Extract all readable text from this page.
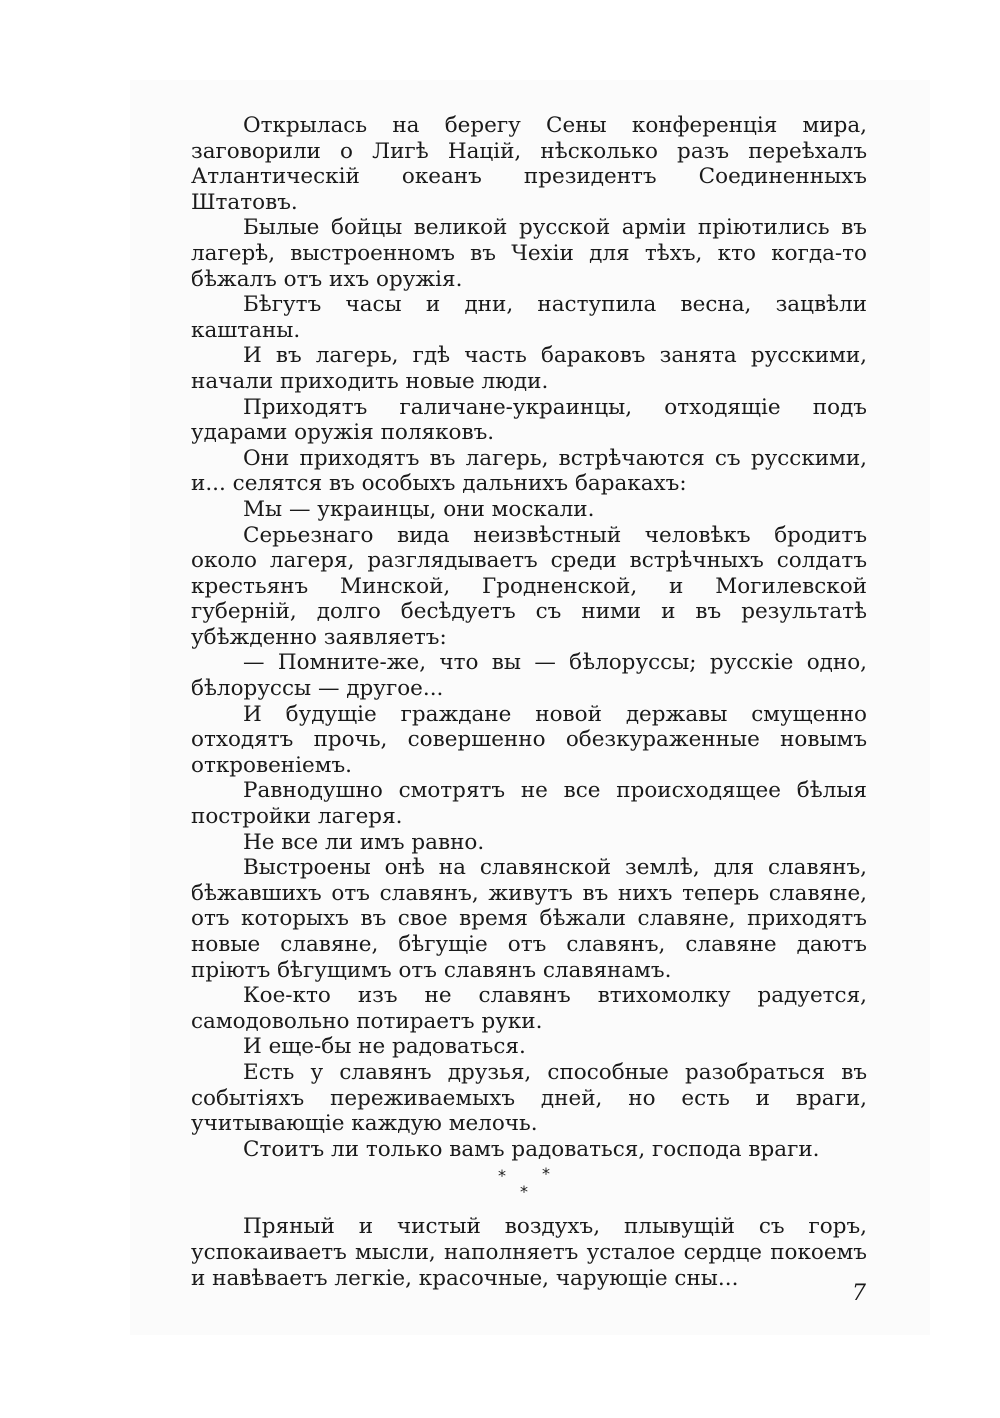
Открылась на берегу Сены конференція мира, заговорили о Лигѣ Націй, нѣсколько разъ переѣхалъ Атлантическій океанъ президентъ Соединенныхъ Штатовъ.

Былые бойцы великой русской арміи пріютились въ лагерѣ, выстроенномъ въ Чехіи для тѣхъ, кто когда-то бѣжалъ отъ ихъ оружія.

Бѣгутъ часы и дни, наступила весна, зацвѣли каштаны.

И въ лагерь, гдѣ часть бараковъ занята русскими, начали приходить новые люди.

Приходятъ галичане-украинцы, отходящіе подъ ударами оружія поляковъ.

Они приходятъ въ лагерь, встрѣчаются съ русскими, и... селятся въ особыхъ дальнихъ баракахъ:

Мы — украинцы, они москали.

Серьезнаго вида неизвѣстный человѣкъ бродитъ около лагеря, разглядываетъ среди встрѣчныхъ солдатъ крестьянъ Минской, Гродненской, и Могилевской губерній, долго бесѣдуетъ съ ними и въ результатѣ убѣжденно заявляетъ:

— Помните-же, что вы — бѣлоруссы; русскіе одно, бѣлоруссы — другое...

И будущіе граждане новой державы смущенно отходятъ прочь, совершенно обезкураженные новымъ откровеніемъ.

Равнодушно смотрятъ не все происходящее бѣлыя постройки лагеря.

Не все ли имъ равно.

Выстроены онѣ на славянской землѣ, для славянъ, бѣжавшихъ отъ славянъ, живутъ въ нихъ теперь славяне, отъ которыхъ въ свое время бѣжали славяне, приходятъ новые славяне, бѣгущіе отъ славянъ, славяне даютъ пріютъ бѣгущимъ отъ славянъ славянамъ.

Кое-кто изъ не славянъ втихомолку радуется, самодовольно потираетъ руки.

И еще-бы не радоваться.

Есть у славянъ друзья, способные разобраться въ событіяхъ переживаемыхъ дней, но есть и враги, учитывающіе каждую мелочь.

Стоитъ ли только вамъ радоваться, господа враги.

* *
*

Пряный и чистый воздухъ, плывущій съ горъ, успокаиваетъ мысли, наполняетъ усталое сердце покоемъ и навѣваетъ легкіе, красочные, чарующіе сны...

7
